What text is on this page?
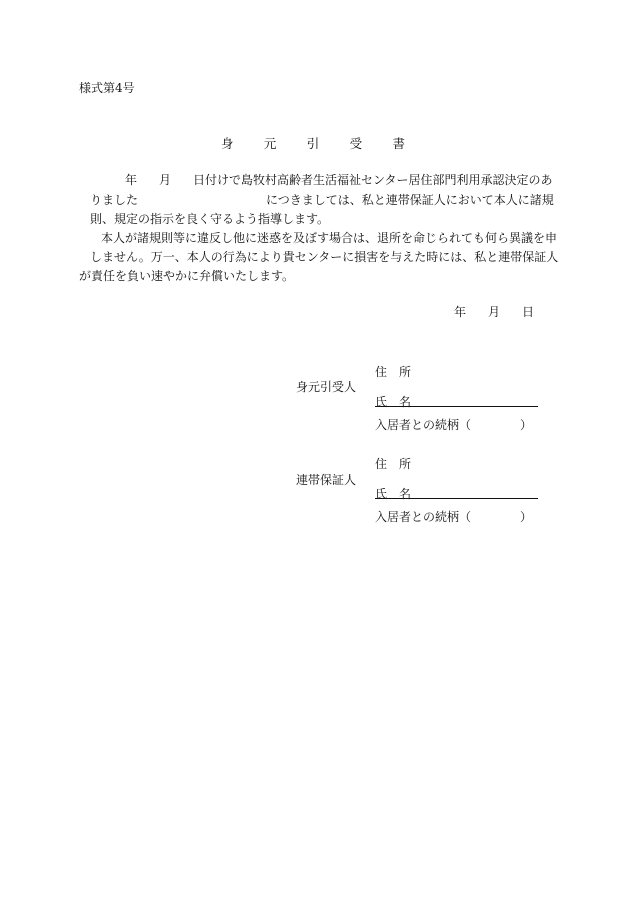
様式第4号
身 元 引 受 書
年 月 日付けで島牧村高齢者生活福祉センター居住部門利用承認決定のあ
りました	につきましては、私と連帯保証人において本人に諸規
則、規定の指示を良く守るよう指導します。
本人が諸規則等に違反し他に迷惑を及ぼす場合は、退所を命じられても何ら異議を申
しません。万一、本人の行為により貴センターに損害を与えた時には、私と連帯保証人
が責任を負い速やかに弁償いたします。
年 月 日
身元引受人
住　所
氏　名
入居者との続柄（	）
連帯保証人
住　所
氏　名
入居者との続柄（	）
